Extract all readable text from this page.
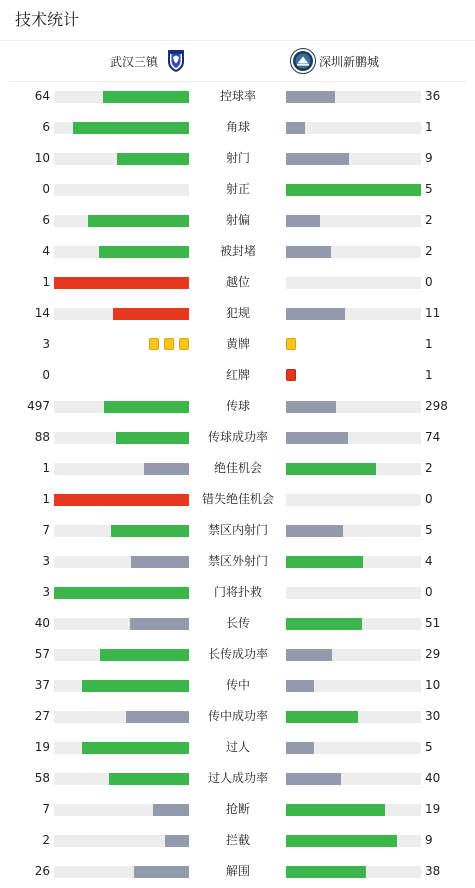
技术统计
武汉三镇	深圳新鹏城
64	控球率	36
6	角球	1
10	射门	9
0	射正	5
6	射偏	2
4	被封堵	2
1	越位	0
14	犯规	11
3	黄牌	1
0	红牌	1
497	传球	298
88	传球成功率	74
1	绝佳机会	2
1	错失绝佳机会	0
7	禁区内射门	5
3	禁区外射门	4
3	门将扑救	0
40	长传	51
57	长传成功率	29
37	传中	10
27	传中成功率	30
19	过人	5
58	过人成功率	40
7	抢断	19
2	拦截	9
26	解围	38
